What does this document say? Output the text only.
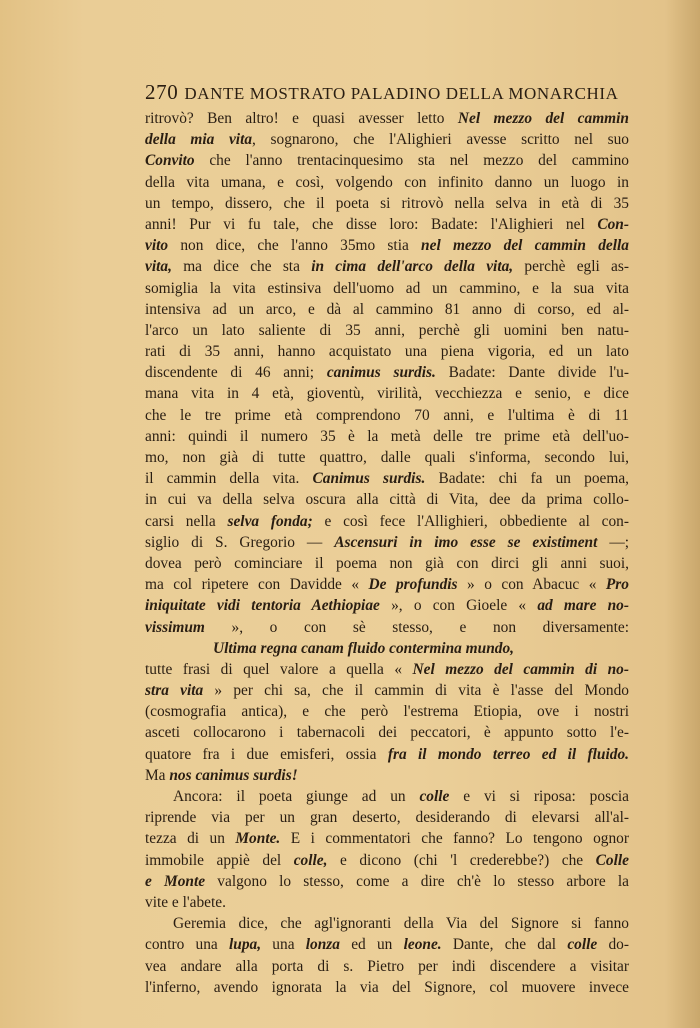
270 DANTE MOSTRATO PALADINO DELLA MONARCHIA
ritrovò? Ben altro! e quasi avesser letto Nel mezzo del cammin
della mia vita, sognarono, che l'Alighieri avesse scritto nel suo
Convito che l'anno trentacinquesimo sta nel mezzo del cammino
della vita umana, e così, volgendo con infinito danno un luogo in
un tempo, dissero, che il poeta si ritrovò nella selva in età di 35
anni! Pur vi fu tale, che disse loro: Badate: l'Alighieri nel Con-
vito non dice, che l'anno 35mo stia nel mezzo del cammin della
vita, ma dice che sta in cima dell'arco della vita, perchè egli as-
somiglia la vita estinsiva dell'uomo ad un cammino, e la sua vita
intensiva ad un arco, e dà al cammino 81 anno di corso, ed al-
l'arco un lato saliente di 35 anni, perchè gli uomini ben natu-
rati di 35 anni, hanno acquistato una piena vigoria, ed un lato
discendente di 46 anni; canimus surdis. Badate: Dante divide l'u-
mana vita in 4 età, gioventù, virilità, vecchiezza e senio, e dice
che le tre prime età comprendono 70 anni, e l'ultima è di 11
anni: quindi il numero 35 è la metà delle tre prime età dell'uo-
mo, non già di tutte quattro, dalle quali s'informa, secondo lui,
il cammin della vita. Canimus surdis. Badate: chi fa un poema,
in cui va della selva oscura alla città di Vita, dee da prima collo-
carsi nella selva fonda; e così fece l'Allighieri, obbediente al con-
siglio di S. Gregorio — Ascensuri in imo esse se existiment —;
dovea però cominciare il poema non già con dirci gli anni suoi,
ma col ripetere con Davidde « De profundis » o con Abacuc « Pro
iniquitate vidi tentoria Aethiopiae », o con Gioele « ad mare no-
vissimum », o con sè stesso, e non diversamente:
Ultima regna canam fluido contermina mundo,
tutte frasi di quel valore a quella « Nel mezzo del cammin di no-
stra vita » per chi sa, che il cammin di vita è l'asse del Mondo
(cosmografia antica), e che però l'estrema Etiopia, ove i nostri
asceti collocarono i tabernacoli dei peccatori, è appunto sotto l'e-
quatore fra i due emisferi, ossia fra il mondo terreo ed il fluido.
Ma nos canimus surdis!
Ancora: il poeta giunge ad un colle e vi si riposa: poscia
riprende via per un gran deserto, desiderando di elevarsi all'al-
tezza di un Monte. E i commentatori che fanno? Lo tengono ognor
immobile appiè del colle, e dicono (chi 'l crederebbe?) che Colle
e Monte valgono lo stesso, come a dire ch'è lo stesso arbore la
vite e l'abete.
Geremia dice, che agl'ignoranti della Via del Signore si fanno
contro una lupa, una lonza ed un leone. Dante, che dal colle do-
vea andare alla porta di s. Pietro per indi discendere a visitar
l'inferno, avendo ignorata la via del Signore, col muovere invece
